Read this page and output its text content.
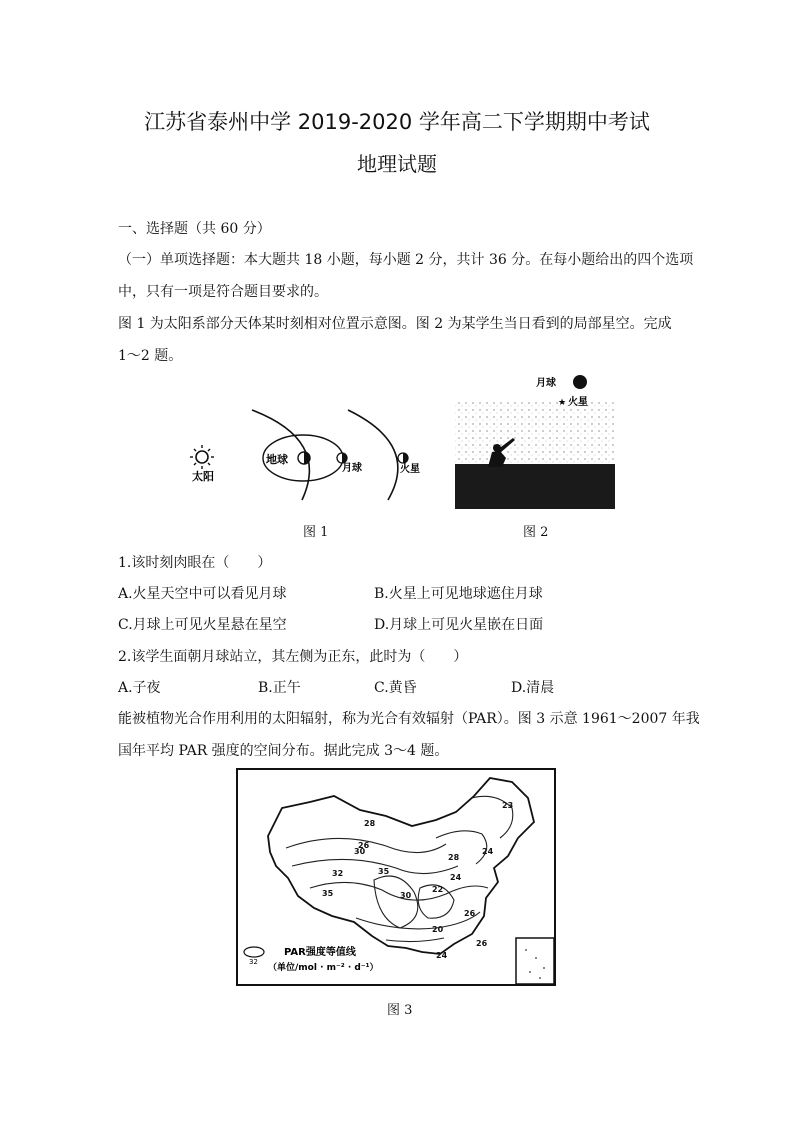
江苏省泰州中学 2019-2020 学年高二下学期期中考试
地理试题
一、选择题（共 60 分）
（一）单项选择题：本大题共 18 小题，每小题 2 分，共计 36 分。在每小题给出的四个选项
中，只有一项是符合题目要求的。
图 1 为太阳系部分天体某时刻相对位置示意图。图 2 为某学生当日看到的局部星空。完成
1～2 题。
太阳
地球
月球	火星
图 1
月球
★ 火星
图 2
1.该时刻肉眼在（　　）
A.火星天空中可以看见月球	B.火星上可见地球遮住月球
C.月球上可见火星悬在星空	D.月球上可见火星嵌在日面
2.该学生面朝月球站立，其左侧为正东，此时为（　　）
A.子夜	B.正午	C.黄昏	D.清晨
能被植物光合作用利用的太阳辐射，称为光合有效辐射（PAR）。图 3 示意 1961～2007 年我
国年平均 PAR 强度的空间分布。据此完成 3～4 题。
23
24
26
28
30
32	35
24
22
20
26
30
28
24
26
35
32
PAR强度等值线
（单位/mol · m⁻² · d⁻¹）
图 3
